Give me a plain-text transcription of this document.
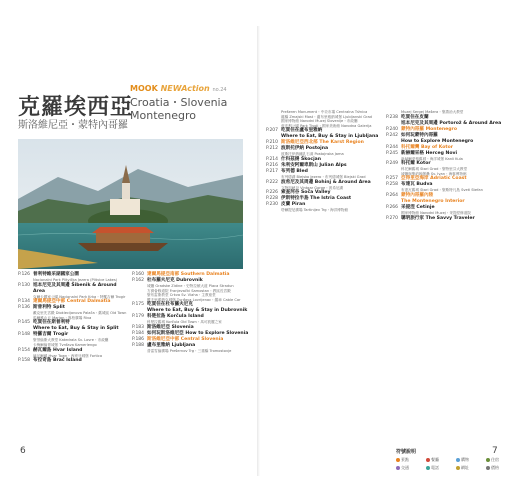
克羅埃西亞
斯洛維尼亞・蒙特內哥羅
MOOK NEWAction no.24
Croatia・Slovenia
Montenegro
P.126 普利特維采湖國家公園
Nacionalni Park Plitvička Jezera (Plitvice Lakes)
P.130 旭本尼克及其周邊 Šibenik & Around Area
克爾卡國家公園 Nacionalni Park Krka・特羅吉爾 Trogir
P.134 達爾馬提亞中部 Central Dalmatia
P.136 斯普利特 Split
戴克里先宮殿 Dioklecijanova Palača・舊城區 Old Town
馬爾雅山丘 Marjan・魯柏廣場 Riva
P.145 吃買住在斯普利特
Where to Eat, Buy & Stay in Split
P.148 特羅吉爾 Trogir
聖勞倫斯大教堂 Katedrala Sv. Lovre・市政廳
卡梅爾倫哥城堡 Tvrđava Kamerlengo
P.154 赫瓦爾島 Hvar Island
赫瓦爾鎮 Hvar Town・西班牙城堡 Fortica
P.158 布拉奇島 Brač Island
P.160 達爾馬提亞南部 Southern Dalmatia
P.162 杜布羅夫尼克 Dubrovnik
城牆 Gradske Zidine・史特拉頓大道 Placa Stradun
方濟會修道院 Franjevački Samostan・教區長宮殿
聖布雷斯教堂 Crkva Sv. Vlaha・主教座堂
羅夫里耶納克城堡 Tvrđava Lovrijenac・纜車 Cable Car
P.175 吃買住在杜布羅夫尼克
Where to Eat, Buy & Stay in Dubrovnik
P.179 科楚拉島 Korčula Island
科楚拉舊城 Korčula Old Town・馬可波羅之家
P.183 斯洛維尼亞 Slovenia
P.184 如何玩斯洛維尼亞 How to Explore Slovenia
P.186 斯洛維尼亞中部 Central Slovenia
P.188 盧布里雅納 Ljubljana
普雷雪倫廣場 Prešernov Trg・三重橋 Tromostovje
Prešeren Monument・中央市場 Centralna Tržnica
龍橋 Zmajski Most・盧布里雅納城堡 Ljubljanski Grad
國家博物館 Narodni Muzej Slovenije・市政廳
蒂沃利公園 Park Tivoli・國家美術館 Narodna Galerija
P.207 吃買住在盧布里雅納
Where to Eat, Buy & Stay in Ljubljana
P.210 斯洛維尼亞西北部 The Karst Region
P.212 波斯托伊納 Postojna
波斯托伊納鐘乳石洞 Postojnska Jama
P.214 什科茲揚 Škocjan
P.216 朱利安阿爾卑斯山 Julian Alps
P.217 布列德 Bled
布列德湖 Blejsko Jezero・布列德城堡 Blejski Grad
P.222 波希尼及其周邊 Bohinj & Around Area
文特加峽谷 Vintgar Gorge・波希尼湖
P.226 索查河谷 Soča Valley
P.228 伊斯特拉半島 The Istria Coast
P.230 皮蘭 Piran
塔爾提尼廣場 Tartinijev Trg・海洋博物館
Muzej Sergej Mašera・聖喬治大教堂
P.238 吃買住在皮蘭
旭本尼克及其周邊 Portorož & Around Area
P.240 蒙特內哥羅 Montenegro
P.242 如何玩蒙特內哥羅
How to Explore Montenegro
P.244 科托爾灣 Bay of Kotor
P.245 新赫爾采格 Herceg Novi
新赫爾采格舊城・海洋城堡 Kanli Kula
P.249 科托爾 Kotor
科托爾舊城 Stari Grad・聖特里芬大教堂
城牆與聖約翰堡壘 Sv. Ivan・海事博物館
P.257 亞得里亞海岸 Adriatic Coast
P.258 布達瓦 Budva
布達瓦舊城 Stari Grad・聖斯特凡島 Sveti Stefan
P.264 蒙特內哥羅內陸
The Montenegro Interior
P.266 采提涅 Cetinje
國家博物館 Narodni Muzej・采提涅修道院
P.270 聰明旅行家 The Savvy Traveler
符號說明
景點	餐廳	購物	住宿
交通	電話	網址	價格
6	7
